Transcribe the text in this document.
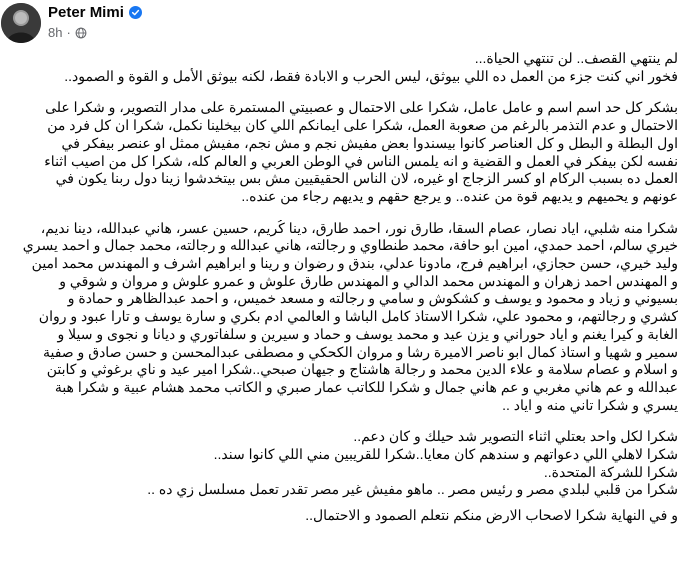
Peter Mimi
8h ·
لم ينتهي القصف.. لن تنتهي الحياة...
فخور اني كنت جزء من العمل ده اللي بيوثق، ليس الحرب و الابادة فقط، لكنه بيوثق الأمل و القوة و الصمود..
بشكر كل حد اسم اسم و عامل عامل، شكرا على الاحتمال و عصبيتي المستمرة على مدار التصوير، و شكرا على
الاحتمال و عدم التذمر بالرغم من صعوبة العمل، شكرا على ايمانكم اللي كان بيخلينا نكمل، شكرا ان كل فرد من
اول البطلة و البطل و كل العناصر كانوا بيسندوا بعض مفيش نجم و مش نجم، مفيش ممثل او عنصر بيفكر في
نفسه لكن بيفكر في العمل و القضية و انه يلمس الناس في الوطن العربي و العالم كله، شكرا كل من اصيب اثناء
العمل ده بسبب الركام او كسر الزجاج او غيره، لان الناس الحقيقيين مش بس بيتخدشوا زينا دول ربنا يكون في
عونهم و يحميهم و يديهم قوة من عنده.. و يرجع حقهم و يديهم رجاء من عنده..
شكرا منه شلبي، اياد نصار، عصام السقا، طارق نور، احمد طارق، دينا كُريم، حسين عسر، هاني عبدالله، دينا نديم،
خيري سالم، احمد حمدي، امين ابو حافة، محمد طنطاوي و رجالته، هاني عبدالله و رجالته، محمد جمال و احمد يسري
وليد خيري، حسن حجازي، ابراهيم فرج، مادونا عدلي، بندق و رضوان و رينا و ابراهيم اشرف و المهندس محمد امين
و المهندس احمد زهران و المهندس محمد الدالي و المهندس طارق علوش و عمرو علوش و مروان و شوقي و
بسيوني و زياد و محمود و يوسف و كشكوش و سامي و رجالته و مسعد خميس، و احمد عبدالظاهر و حمادة و
كشري و رجالتهم، و محمود علي، شكرا الاستاذ كامل الباشا و العالمي ادم بكري و سارة يوسف و تارا عبود و روان
الغابة و كيرا يغنم و اياد حوراني و يزن عيد و محمد يوسف و حماد و سيرين و سلفاتوري و ديانا و نجوى و سيلا و
سمير و شهيا و استاذ كمال ابو ناصر الاميرة رشا و مروان الكحكي و مصطفى عبدالمحسن و حسن صادق و صفية
و اسلام و عصام سلامة و علاء الدين محمد و رجالة هاشتاج و جيهان صبحي..شكرا امير عيد و ناي برغوثي و كابتن
عبدالله و عم هاني مغربي و عم هاني جمال و شكرا للكاتب عمار صبري و الكاتب محمد هشام عبية و شكرا هبة
يسري و شكرا تاني منه و اياد ..
شكرا لكل واحد بعتلي اثناء التصوير شد حيلك و كان دعم..
شكرا لاهلي اللي دعواتهم و سندهم كان معايا..شكرا للقريبين مني اللي كانوا سند..
شكرا للشركة المتحدة..
شكرا من قلبي لبلدي مصر و رئيس مصر .. ماهو مفيش غير مصر تقدر تعمل مسلسل زي ده ..
و في النهاية شكرا لاصحاب الارض منكم نتعلم الصمود و الاحتمال..
